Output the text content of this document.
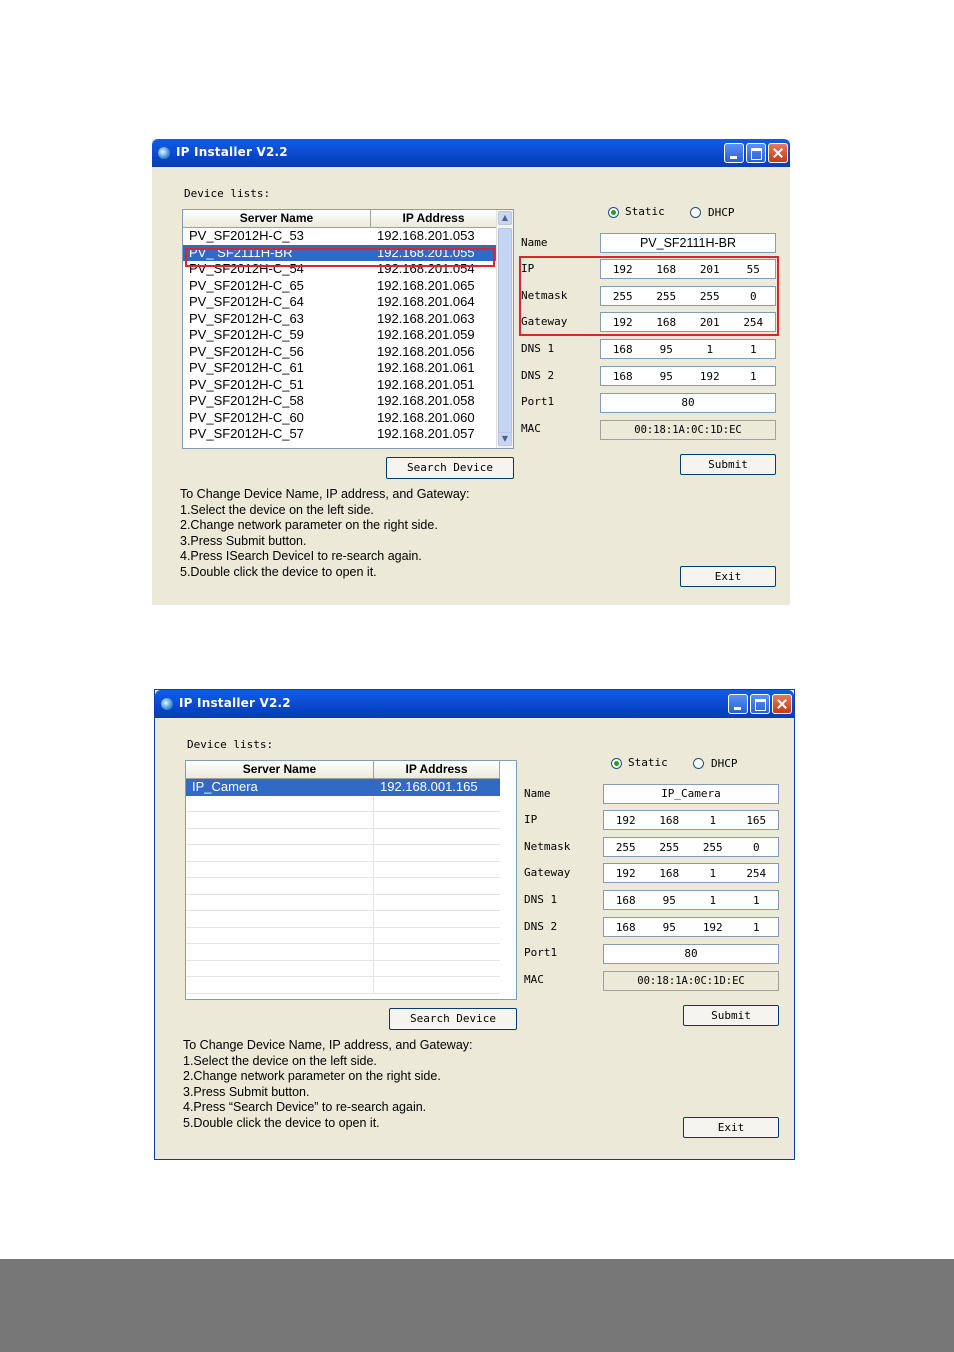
IP Installer V2.2
Device lists:
Server Name	IP Address
PV_SF2012H-C_53	192.168.201.053
PV_ SF2111H-BR	192.168.201.055
PV_SF2012H-C_54	192.168.201.054
PV_SF2012H-C_65	192.168.201.065
PV_SF2012H-C_64	192.168.201.064
PV_SF2012H-C_63	192.168.201.063
PV_SF2012H-C_59	192.168.201.059
PV_SF2012H-C_56	192.168.201.056
PV_SF2012H-C_61	192.168.201.061
PV_SF2012H-C_51	192.168.201.051
PV_SF2012H-C_58	192.168.201.058
PV_SF2012H-C_60	192.168.201.060
PV_SF2012H-C_57	192.168.201.057
▲
▼
Search Device
Static	DHCP
Name	PV_SF2111H-BR
IP	192	168	201	55
Netmask	255	255	255	0
Gateway	192	168	201	254
DNS 1	168	95	1	1
DNS 2	168	95	192	1
Port1	80
MAC	00:18:1A:0C:1D:EC
Submit
Exit
To Change Device Name, IP address, and Gateway:
1.Select the device on the left side.
2.Change network parameter on the right side.
3.Press Submit button.
4.Press ISearch DeviceI to re-search again.
5.Double click the device to open it.
IP Installer V2.2
Device lists:
Server Name	IP Address
IP_Camera	192.168.001.165
Search Device
Static	DHCP
Name	IP_Camera
IP	192	168	1	165
Netmask	255	255	255	0
Gateway	192	168	1	254
DNS 1	168	95	1	1
DNS 2	168	95	192	1
Port1	80
MAC	00:18:1A:0C:1D:EC
Submit
Exit
To Change Device Name, IP address, and Gateway:
1.Select the device on the left side.
2.Change network parameter on the right side.
3.Press Submit button.
4.Press “Search Device” to re-search again.
5.Double click the device to open it.
